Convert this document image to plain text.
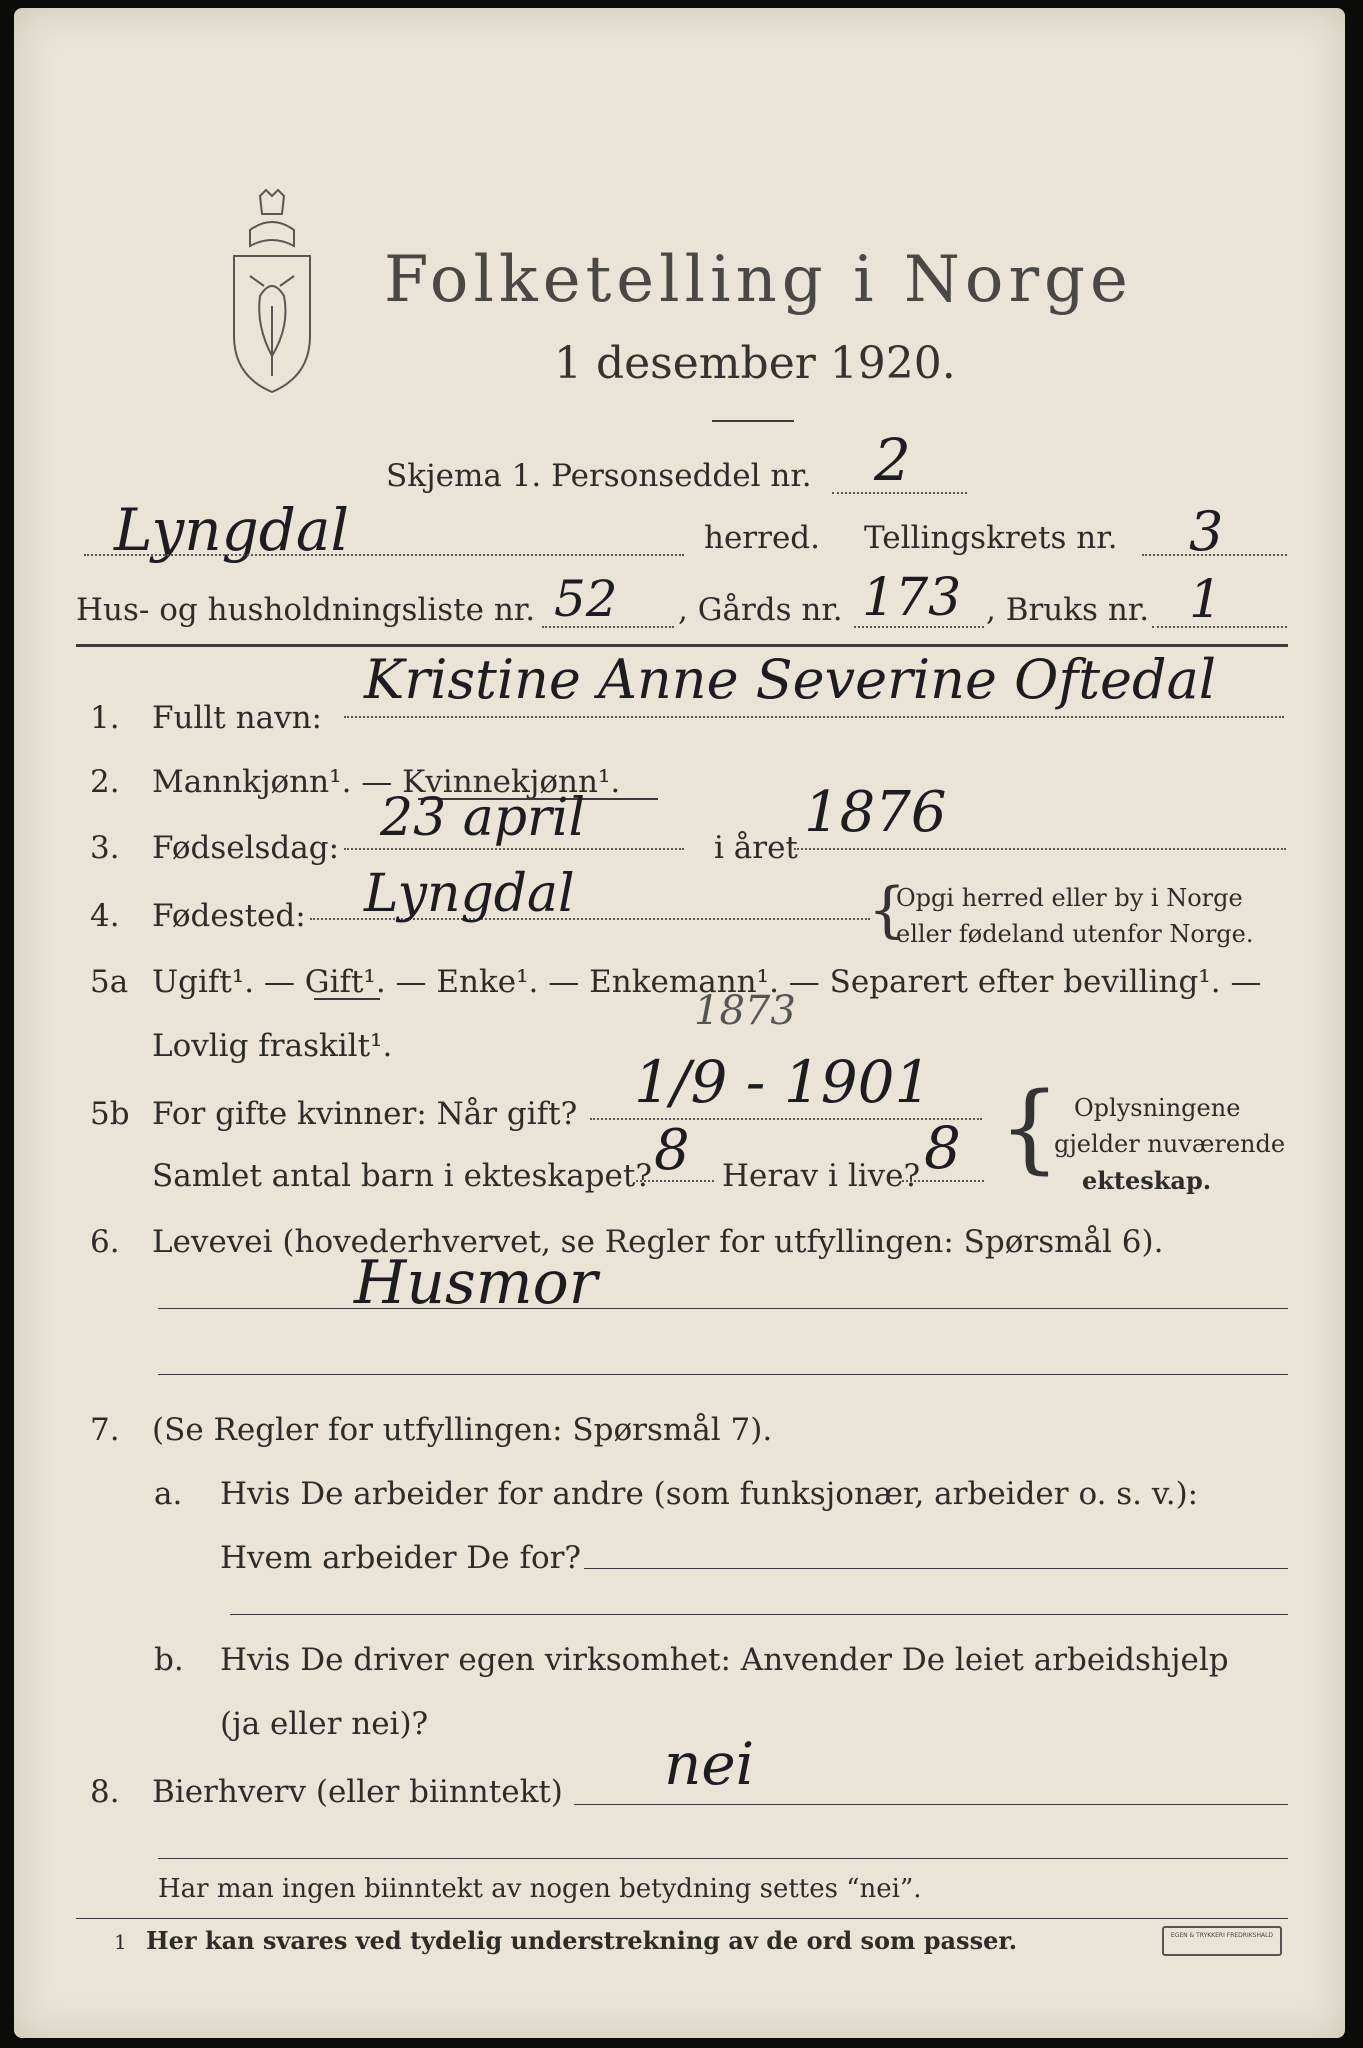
Folketelling i Norge
1 desember 1920.
Skjema 1. Personseddel nr. 2
Lyngdal	herred. Tellingskrets nr. 3
Hus- og husholdningsliste nr. 52 , Gårds nr. 173 , Bruks nr. 1
1. Fullt navn:
Kristine Anne Severine Oftedal
2. Mannkjønn¹. — Kvinnekjønn¹.
3. Fødselsdag: 23 april	i året
1876
4. Fødested: Lyngdal	{
Opgi herred eller by i Norge
eller fødeland utenfor Norge.
5a Ugift¹. — Gift¹. — Enke¹. — Enkemann¹. — Separert efter bevilling¹. —
Lovlig fraskilt¹.
1873
5b For gifte kvinner: Når gift? 1/9 - 1901
Samlet antal barn i ekteskapet? 8 Herav i live? 8 { Oplysningene
gjelder nuværende
ekteskap.
6. Levevei (hovederhvervet, se Regler for utfyllingen: Spørsmål 6).
Husmor
7. (Se Regler for utfyllingen: Spørsmål 7).
a. Hvis De arbeider for andre (som funksjonær, arbeider o. s. v.):
Hvem arbeider De for?
b. Hvis De driver egen virksomhet: Anvender De leiet arbeidshjelp
(ja eller nei)?
8. Bierhverv (eller biinntekt) nei
Har man ingen biinntekt av nogen betydning settes “nei”.
1 Her kan svares ved tydelig understrekning av de ord som passer.	EGEN & TRYKKERI FREDRIKSHALD
